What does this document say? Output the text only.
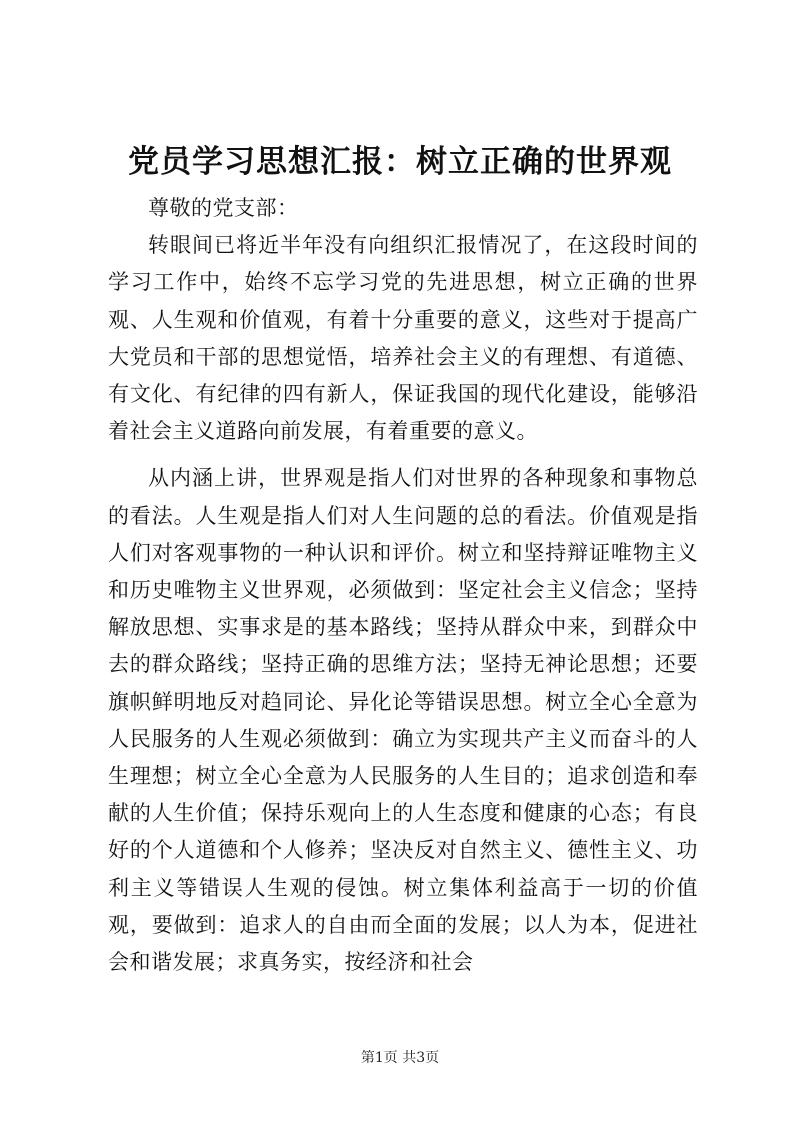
党员学习思想汇报：树立正确的世界观

尊敬的党支部：

转眼间已将近半年没有向组织汇报情况了，在这段时间的学习工作中，始终不忘学习党的先进思想，树立正确的世界观、人生观和价值观，有着十分重要的意义，这些对于提高广大党员和干部的思想觉悟，培养社会主义的有理想、有道德、有文化、有纪律的四有新人，保证我国的现代化建设，能够沿着社会主义道路向前发展，有着重要的意义。

从内涵上讲，世界观是指人们对世界的各种现象和事物总的看法。人生观是指人们对人生问题的总的看法。价值观是指人们对客观事物的一种认识和评价。树立和坚持辩证唯物主义和历史唯物主义世界观，必须做到：坚定社会主义信念；坚持解放思想、实事求是的基本路线；坚持从群众中来，到群众中去的群众路线；坚持正确的思维方法；坚持无神论思想；还要旗帜鲜明地反对趋同论、异化论等错误思想。树立全心全意为人民服务的人生观必须做到：确立为实现共产主义而奋斗的人生理想；树立全心全意为人民服务的人生目的；追求创造和奉献的人生价值；保持乐观向上的人生态度和健康的心态；有良好的个人道德和个人修养；坚决反对自然主义、德性主义、功利主义等错误人生观的侵蚀。树立集体利益高于一切的价值观，要做到：追求人的自由而全面的发展；以人为本，促进社会和谐发展；求真务实，按经济和社会

第1页 共3页
